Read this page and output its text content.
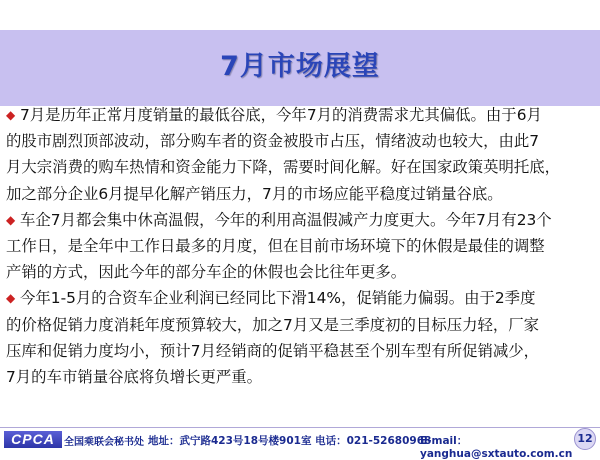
7月市场展望
◆ 7月是历年正常月度销量的最低谷底，今年7月的消费需求尤其偏低。由于6月
的股市剧烈顶部波动，部分购车者的资金被股市占压，情绪波动也较大，由此7
月大宗消费的购车热情和资金能力下降，需要时间化解。好在国家政策英明托底，
加之部分企业6月提早化解产销压力，7月的市场应能平稳度过销量谷底。
◆ 车企7月都会集中休高温假，今年的利用高温假减产力度更大。今年7月有23个
工作日，是全年中工作日最多的月度，但在目前市场环境下的休假是最佳的调整
产销的方式，因此今年的部分车企的休假也会比往年更多。
◆ 今年1-5月的合资车企业利润已经同比下滑14%，促销能力偏弱。由于2季度
的价格促销力度消耗年度预算较大，加之7月又是三季度初的目标压力轻，厂家
压库和促销力度均小，预计7月经销商的促销平稳甚至个别车型有所促销减少，
7月的车市销量谷底将负增长更严重。
CPCA 全国乘联会秘书处 地址：武宁路423号18号楼901室 电话：021-52680968
E-mail：yanghua@sxtauto.com.cn
12
